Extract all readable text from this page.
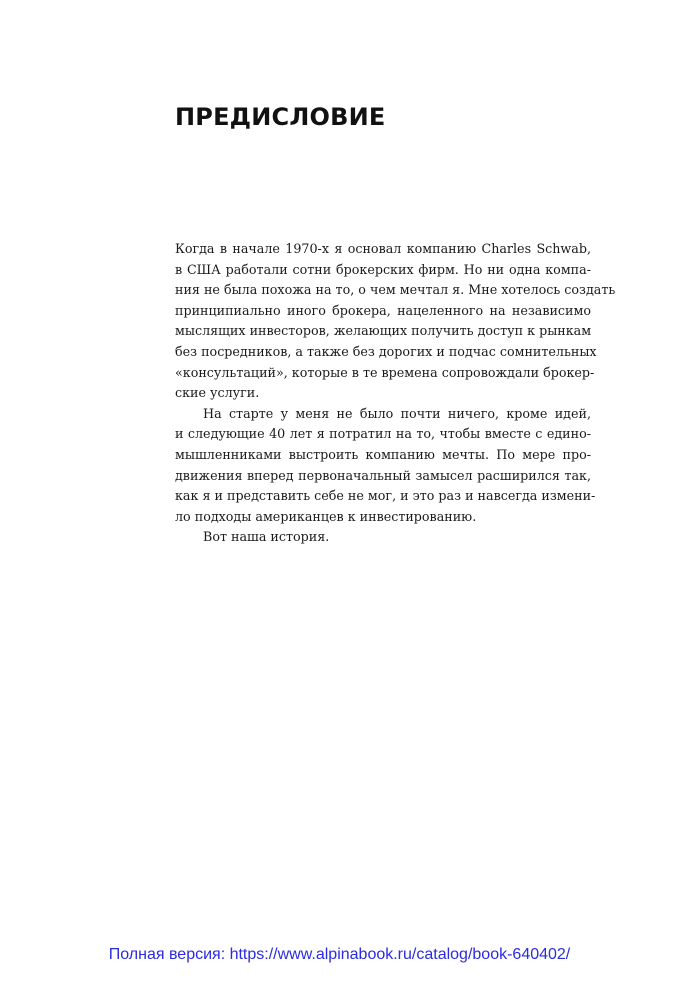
ПРЕДИСЛОВИЕ
Когда в начале 1970-х я основал компанию Charles Schwab,
в США работали сотни брокерских фирм. Но ни одна компа-
ния не была похожа на то, о чем мечтал я. Мне хотелось создать
принципиально иного брокера, нацеленного на независимо
мыслящих инвесторов, желающих получить доступ к рынкам
без посредников, а также без дорогих и подчас сомнительных
«консультаций», которые в те времена сопровождали брокер-
ские услуги.
На старте у меня не было почти ничего, кроме идей,
и следующие 40 лет я потратил на то, чтобы вместе с едино-
мышленниками выстроить компанию мечты. По мере про-
движения вперед первоначальный замысел расширился так,
как я и представить себе не мог, и это раз и навсегда измени-
ло подходы американцев к инвестированию.
Вот наша история.
Полная версия: https://www.alpinabook.ru/catalog/book-640402/
